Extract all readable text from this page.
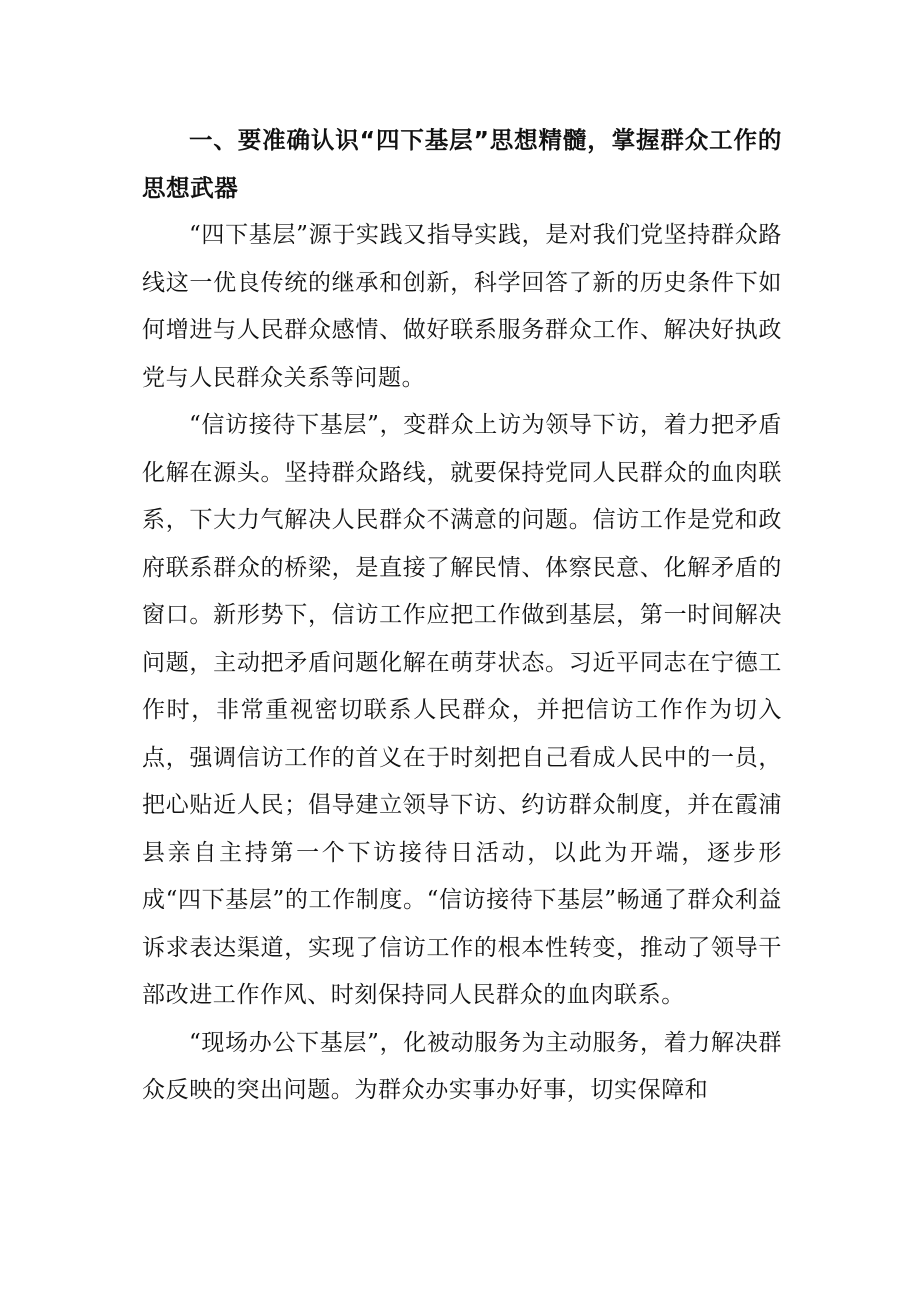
一、要准确认识“四下基层”思想精髓，掌握群众工作的思想武器

“四下基层”源于实践又指导实践，是对我们党坚持群众路线这一优良传统的继承和创新，科学回答了新的历史条件下如何增进与人民群众感情、做好联系服务群众工作、解决好执政党与人民群众关系等问题。

“信访接待下基层”，变群众上访为领导下访，着力把矛盾化解在源头。坚持群众路线，就要保持党同人民群众的血肉联系，下大力气解决人民群众不满意的问题。信访工作是党和政府联系群众的桥梁，是直接了解民情、体察民意、化解矛盾的窗口。新形势下，信访工作应把工作做到基层，第一时间解决问题，主动把矛盾问题化解在萌芽状态。习近平同志在宁德工作时，非常重视密切联系人民群众，并把信访工作作为切入点，强调信访工作的首义在于时刻把自己看成人民中的一员，把心贴近人民；倡导建立领导下访、约访群众制度，并在霞浦县亲自主持第一个下访接待日活动，以此为开端，逐步形成“四下基层”的工作制度。“信访接待下基层”畅通了群众利益诉求表达渠道，实现了信访工作的根本性转变，推动了领导干部改进工作作风、时刻保持同人民群众的血肉联系。

“现场办公下基层”，化被动服务为主动服务，着力解决群众反映的突出问题。为群众办实事办好事，切实保障和
